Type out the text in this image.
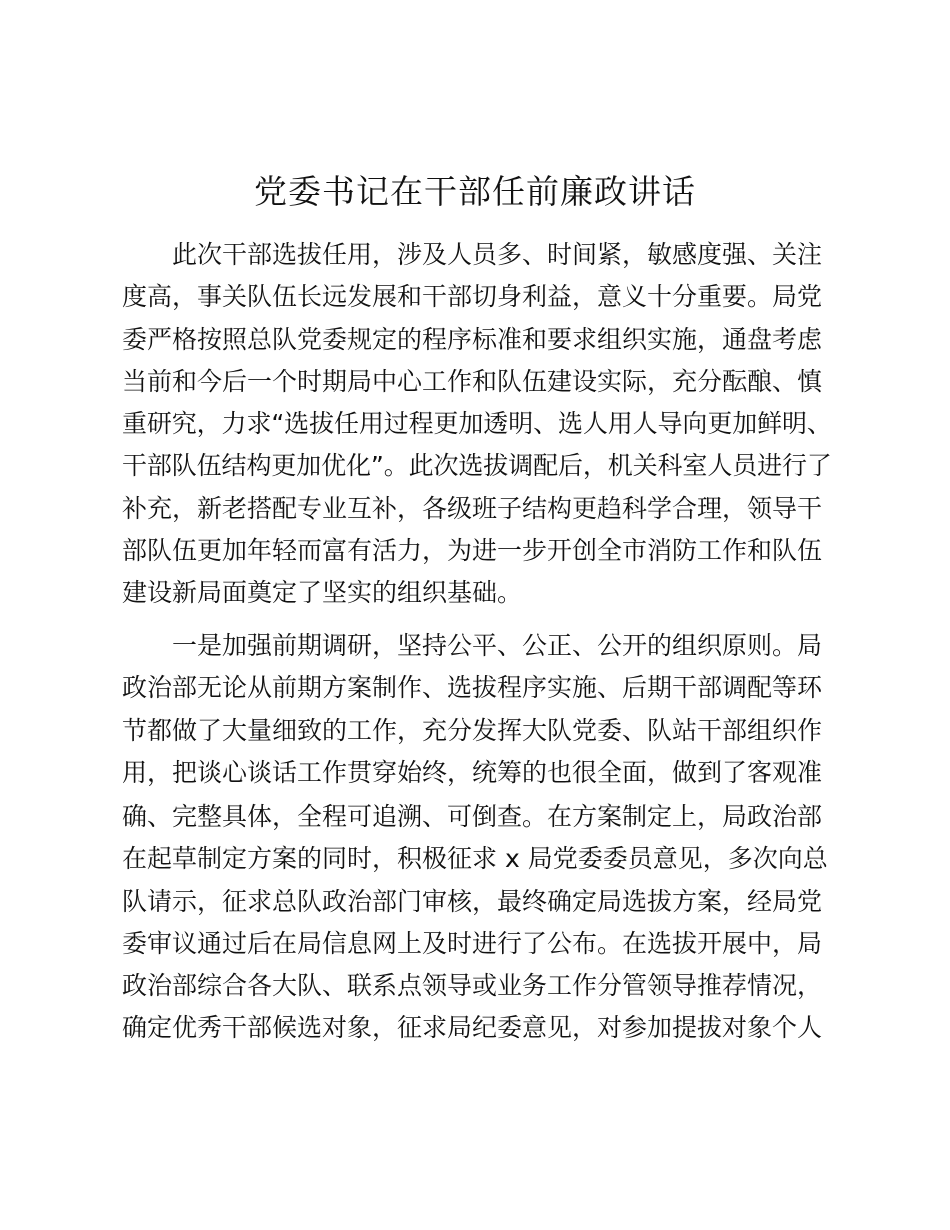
党委书记在干部任前廉政讲话

此次干部选拔任用，涉及人员多、时间紧，敏感度强、关注

度高，事关队伍长远发展和干部切身利益，意义十分重要。局党

委严格按照总队党委规定的程序标准和要求组织实施，通盘考虑

当前和今后一个时期局中心工作和队伍建设实际，充分酝酿、慎

重研究，力求“选拔任用过程更加透明、选人用人导向更加鲜明、

干部队伍结构更加优化”。此次选拔调配后，机关科室人员进行了

补充，新老搭配专业互补，各级班子结构更趋科学合理，领导干

部队伍更加年轻而富有活力，为进一步开创全市消防工作和队伍

建设新局面奠定了坚实的组织基础。

一是加强前期调研，坚持公平、公正、公开的组织原则。局

政治部无论从前期方案制作、选拔程序实施、后期干部调配等环

节都做了大量细致的工作，充分发挥大队党委、队站干部组织作

用，把谈心谈话工作贯穿始终，统筹的也很全面，做到了客观准

确、完整具体，全程可追溯、可倒查。在方案制定上，局政治部

在起草制定方案的同时，积极征求 x 局党委委员意见，多次向总

队请示，征求总队政治部门审核，最终确定局选拔方案，经局党

委审议通过后在局信息网上及时进行了公布。在选拔开展中，局

政治部综合各大队、联系点领导或业务工作分管领导推荐情况，

确定优秀干部候选对象，征求局纪委意见，对参加提拔对象个人
